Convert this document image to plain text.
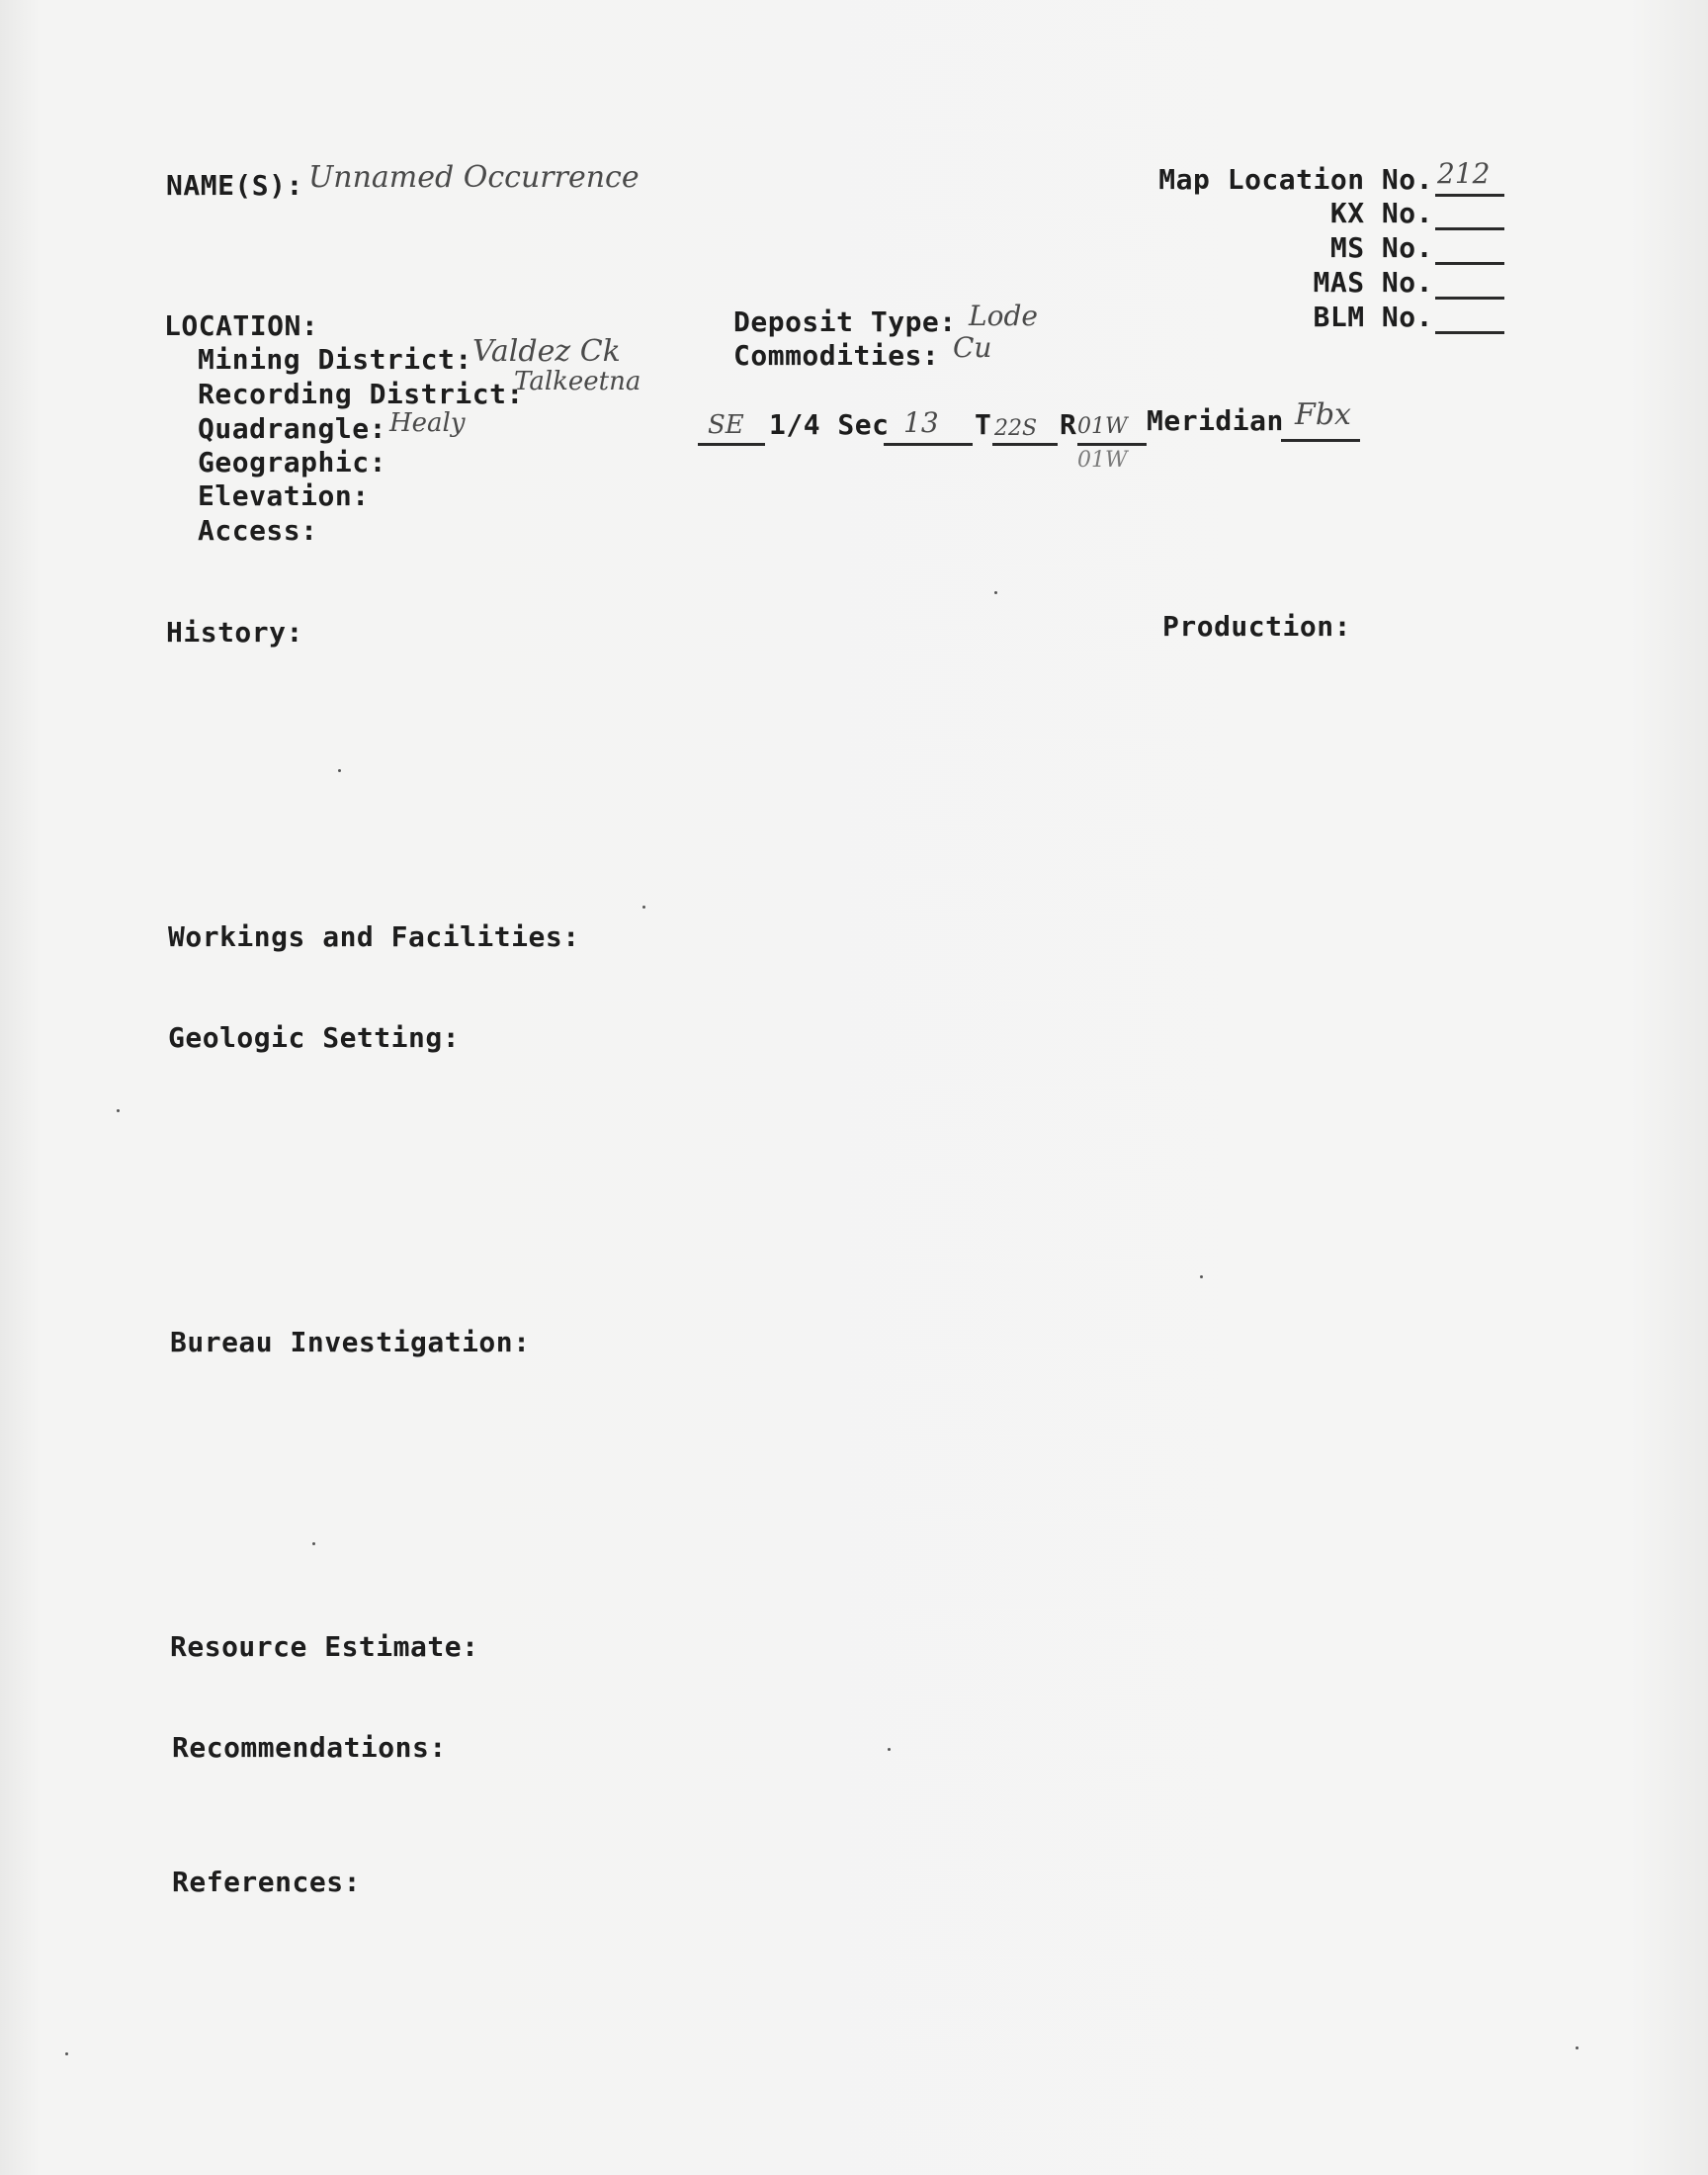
NAME(S): Unnamed Occurrence	Map Location No. 212
KX No.
MS No.
MAS No.
BLM No.
LOCATION:
Mining District: Valdez Ck
Recording District:
Talkeetna
Quadrangle: Healy
Geographic:
Elevation:
Access:
Deposit Type: Lode
Commodities: Cu
SE 1/4 Sec 13 T 22S R 01W
01W
Meridian Fbx
History:	Production:
Workings and Facilities:
Geologic Setting:
Bureau Investigation:
Resource Estimate:
Recommendations:
References:
